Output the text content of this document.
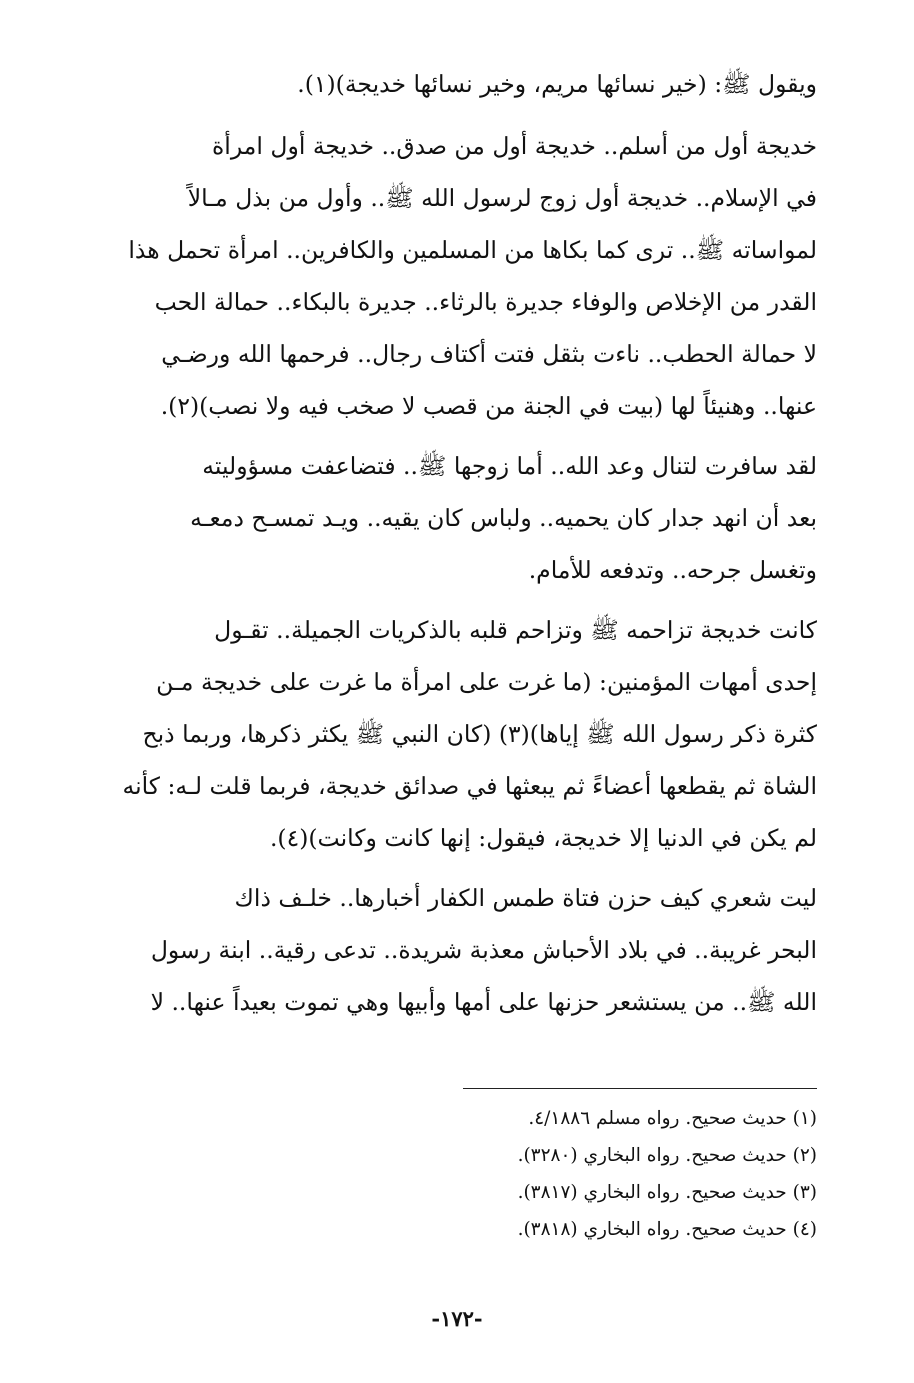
ويقول ﷺ: (خير نسائها مريم، وخير نسائها خديجة)(١).
خديجة أول من أسلم.. خديجة أول من صدق.. خديجة أول امرأة
في الإسلام.. خديجة أول زوج لرسول الله ﷺ.. وأول من بذل مـالاً
لمواساته ﷺ.. ترى كما بكاها من المسلمين والكافرين.. امرأة تحمل هذا
القدر من الإخلاص والوفاء جديرة بالرثاء.. جديرة بالبكاء.. حمالة الحب
لا حمالة الحطب.. ناءت بثقل فتت أكتاف رجال.. فرحمها الله ورضـي
عنها.. وهنيئاً لها (بيت في الجنة من قصب لا صخب فيه ولا نصب)(٢).
لقد سافرت لتنال وعد الله.. أما زوجها ﷺ.. فتضاعفت مسؤوليته
بعد أن انهد جدار كان يحميه.. ولباس كان يقيه.. ويـد تمسـح دمعـه
وتغسل جرحه.. وتدفعه للأمام.
كانت خديجة تزاحمه ﷺ وتزاحم قلبه بالذكريات الجميلة.. تقـول
إحدى أمهات المؤمنين: (ما غرت على امرأة ما غرت على خديجة مـن
كثرة ذكر رسول الله ﷺ إياها)(٣) (كان النبي ﷺ يكثر ذكرها، وربما ذبح
الشاة ثم يقطعها أعضاءً ثم يبعثها في صدائق خديجة، فربما قلت لـه: كأنه
لم يكن في الدنيا إلا خديجة، فيقول: إنها كانت وكانت)(٤).
ليت شعري كيف حزن فتاة طمس الكفار أخبارها.. خلـف ذاك
البحر غريبة.. في بلاد الأحباش معذبة شريدة.. تدعى رقية.. ابنة رسول
الله ﷺ.. من يستشعر حزنها على أمها وأبيها وهي تموت بعيداً عنها.. لا
(١) حديث صحيح. رواه مسلم ٤/١٨٨٦.
(٢) حديث صحيح. رواه البخاري (٣٢٨٠).
(٣) حديث صحيح. رواه البخاري (٣٨١٧).
(٤) حديث صحيح. رواه البخاري (٣٨١٨).
-١٧٢-
